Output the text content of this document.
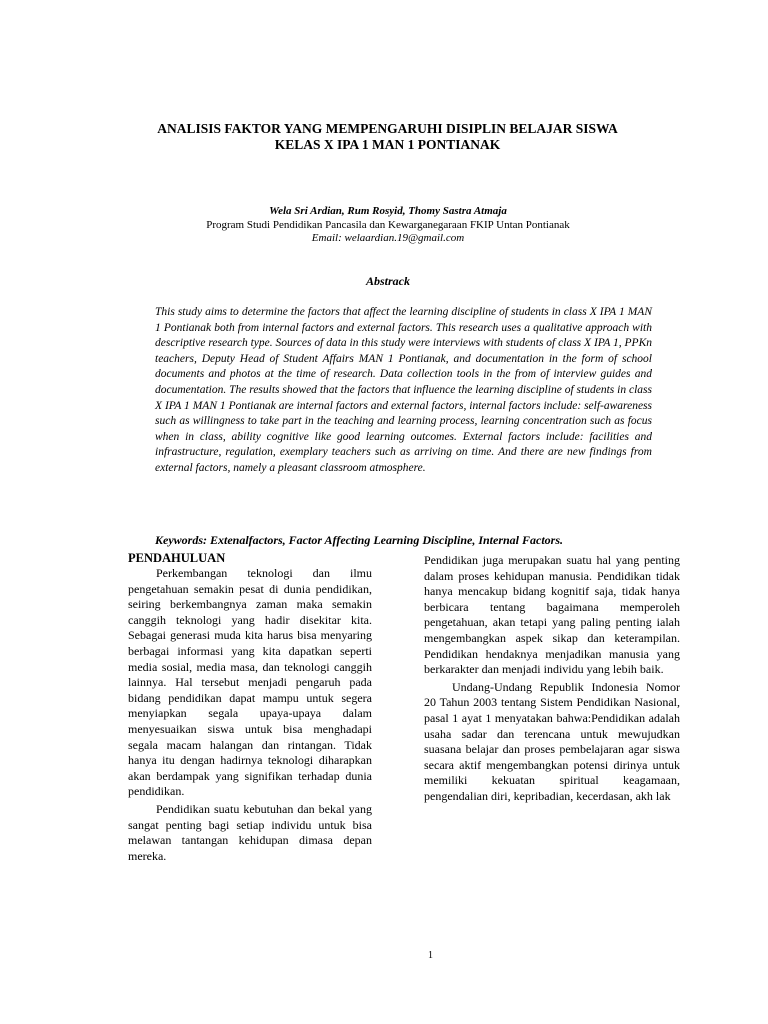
ANALISIS FAKTOR YANG MEMPENGARUHI DISIPLIN BELAJAR SISWA
KELAS X IPA 1 MAN 1 PONTIANAK
Wela Sri Ardian, Rum Rosyid, Thomy Sastra Atmaja
Program Studi Pendidikan Pancasila dan Kewarganegaraan FKIP Untan Pontianak
Email: welaardian.19@gmail.com
Abstrack

This study aims to determine the factors that affect the learning discipline of students in class X IPA 1 MAN 1 Pontianak both from internal factors and external factors. This research uses a qualitative approach with descriptive research type. Sources of data in this study were interviews with students of class X IPA 1, PPKn teachers, Deputy Head of Student Affairs MAN 1 Pontianak, and documentation in the form of school documents and photos at the time of research. Data collection tools in the from of interview guides and documentation. The results showed that the factors that influence the learning discipline of students in class X IPA 1 MAN 1 Pontianak are internal factors and external factors, internal factors include: self-awareness such as willingness to take part in the teaching and learning process, learning concentration such as focus when in class, ability cognitive like good learning outcomes. External factors include: facilities and infrastructure, regulation, exemplary teachers such as arriving on time. And there are new findings from external factors, namely a pleasant classroom atmosphere.

Keywords: Extenalfactors, Factor Affecting Learning Discipline, Internal Factors.
PENDAHULUAN

Perkembangan teknologi dan ilmu pengetahuan semakin pesat di dunia pendidikan, seiring berkembangnya zaman maka semakin canggih teknologi yang hadir disekitar kita. Sebagai generasi muda kita harus bisa menyaring berbagai informasi yang kita dapatkan seperti media sosial, media masa, dan teknologi canggih lainnya. Hal tersebut menjadi pengaruh pada bidang pendidikan dapat mampu untuk segera menyiapkan segala upaya-upaya dalam menyesuaikan siswa untuk bisa menghadapi segala macam halangan dan rintangan. Tidak hanya itu dengan hadirnya teknologi diharapkan akan berdampak yang signifikan terhadap dunia pendidikan.

Pendidikan suatu kebutuhan dan bekal yang sangat penting bagi setiap individu untuk bisa melawan tantangan kehidupan dimasa depan mereka.

Pendidikan juga merupakan suatu hal yang penting dalam proses kehidupan manusia. Pendidikan tidak hanya mencakup bidang kognitif saja, tidak hanya berbicara tentang bagaimana memperoleh pengetahuan, akan tetapi yang paling penting ialah mengembangkan aspek sikap dan keterampilan. Pendidikan hendaknya menjadikan manusia yang berkarakter dan menjadi individu yang lebih baik.

Undang-Undang Republik Indonesia Nomor 20 Tahun 2003 tentang Sistem Pendidikan Nasional, pasal 1 ayat 1 menyatakan bahwa:Pendidikan adalah usaha sadar dan terencana untuk mewujudkan suasana belajar dan proses pembelajaran agar siswa secara aktif mengembangkan potensi dirinya untuk memiliki kekuatan spiritual keagamaan, pengendalian diri, kepribadian, kecerdasan, akh lak

1
